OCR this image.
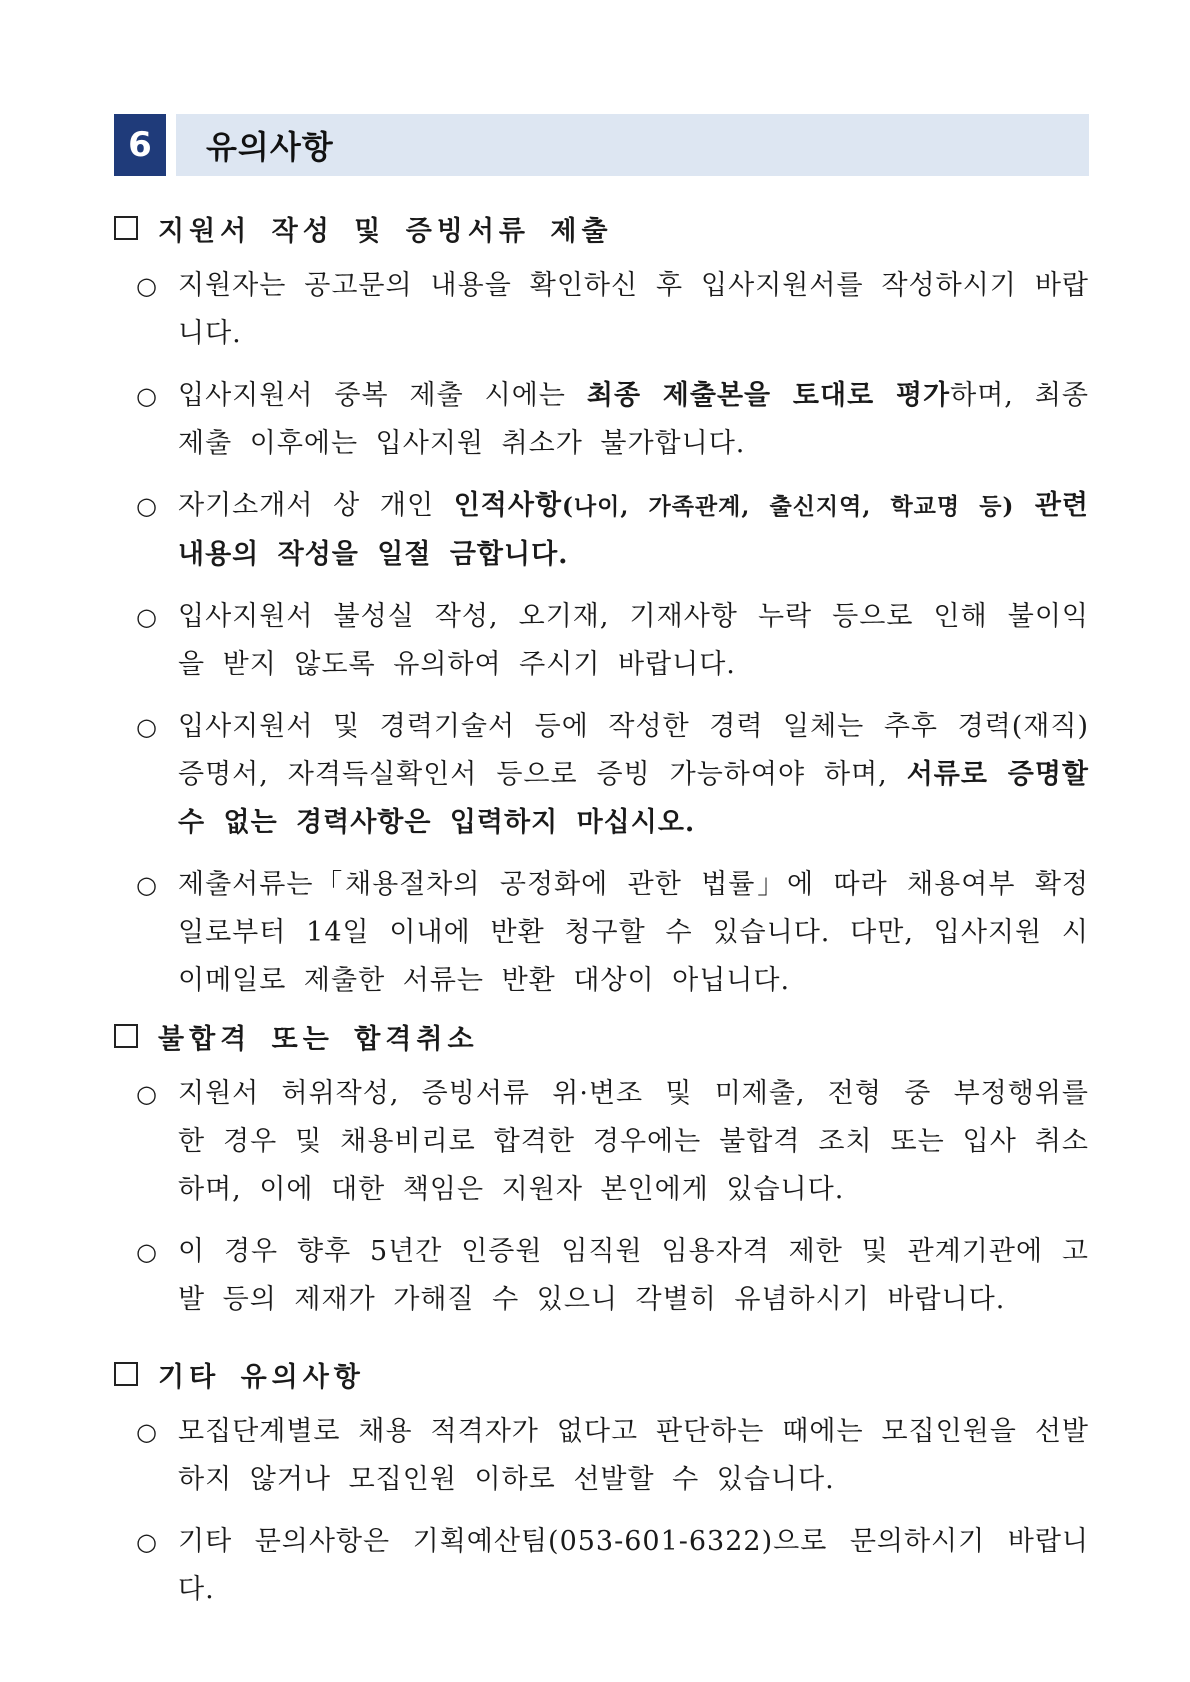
6	유의사항
지원서 작성 및 증빙서류 제출
○ 지원자는 공고문의 내용을 확인하신 후 입사지원서를 작성하시기 바랍니다.

○ 입사지원서 중복 제출 시에는 최종 제출본을 토대로 평가하며, 최종 제출 이후에는 입사지원 취소가 불가합니다.

○ 자기소개서 상 개인 인적사항(나이, 가족관계, 출신지역, 학교명 등) 관련 내용의 작성을 일절 금합니다.

○ 입사지원서 불성실 작성, 오기재, 기재사항 누락 등으로 인해 불이익을 받지 않도록 유의하여 주시기 바랍니다.

○ 입사지원서 및 경력기술서 등에 작성한 경력 일체는 추후 경력(재직)증명서, 자격득실확인서 등으로 증빙 가능하여야 하며, 서류로 증명할 수 없는 경력사항은 입력하지 마십시오.

○ 제출서류는「채용절차의 공정화에 관한 법률」에 따라 채용여부 확정일로부터 14일 이내에 반환 청구할 수 있습니다. 다만, 입사지원 시 이메일로 제출한 서류는 반환 대상이 아닙니다.

불합격 또는 합격취소
○ 지원서 허위작성, 증빙서류 위·변조 및 미제출, 전형 중 부정행위를 한 경우 및 채용비리로 합격한 경우에는 불합격 조치 또는 입사 취소하며, 이에 대한 책임은 지원자 본인에게 있습니다.

○ 이 경우 향후 5년간 인증원 임직원 임용자격 제한 및 관계기관에 고발 등의 제재가 가해질 수 있으니 각별히 유념하시기 바랍니다.

기타 유의사항
○ 모집단계별로 채용 적격자가 없다고 판단하는 때에는 모집인원을 선발하지 않거나 모집인원 이하로 선발할 수 있습니다.

○ 기타 문의사항은 기획예산팀(053-601-6322)으로 문의하시기 바랍니다.
